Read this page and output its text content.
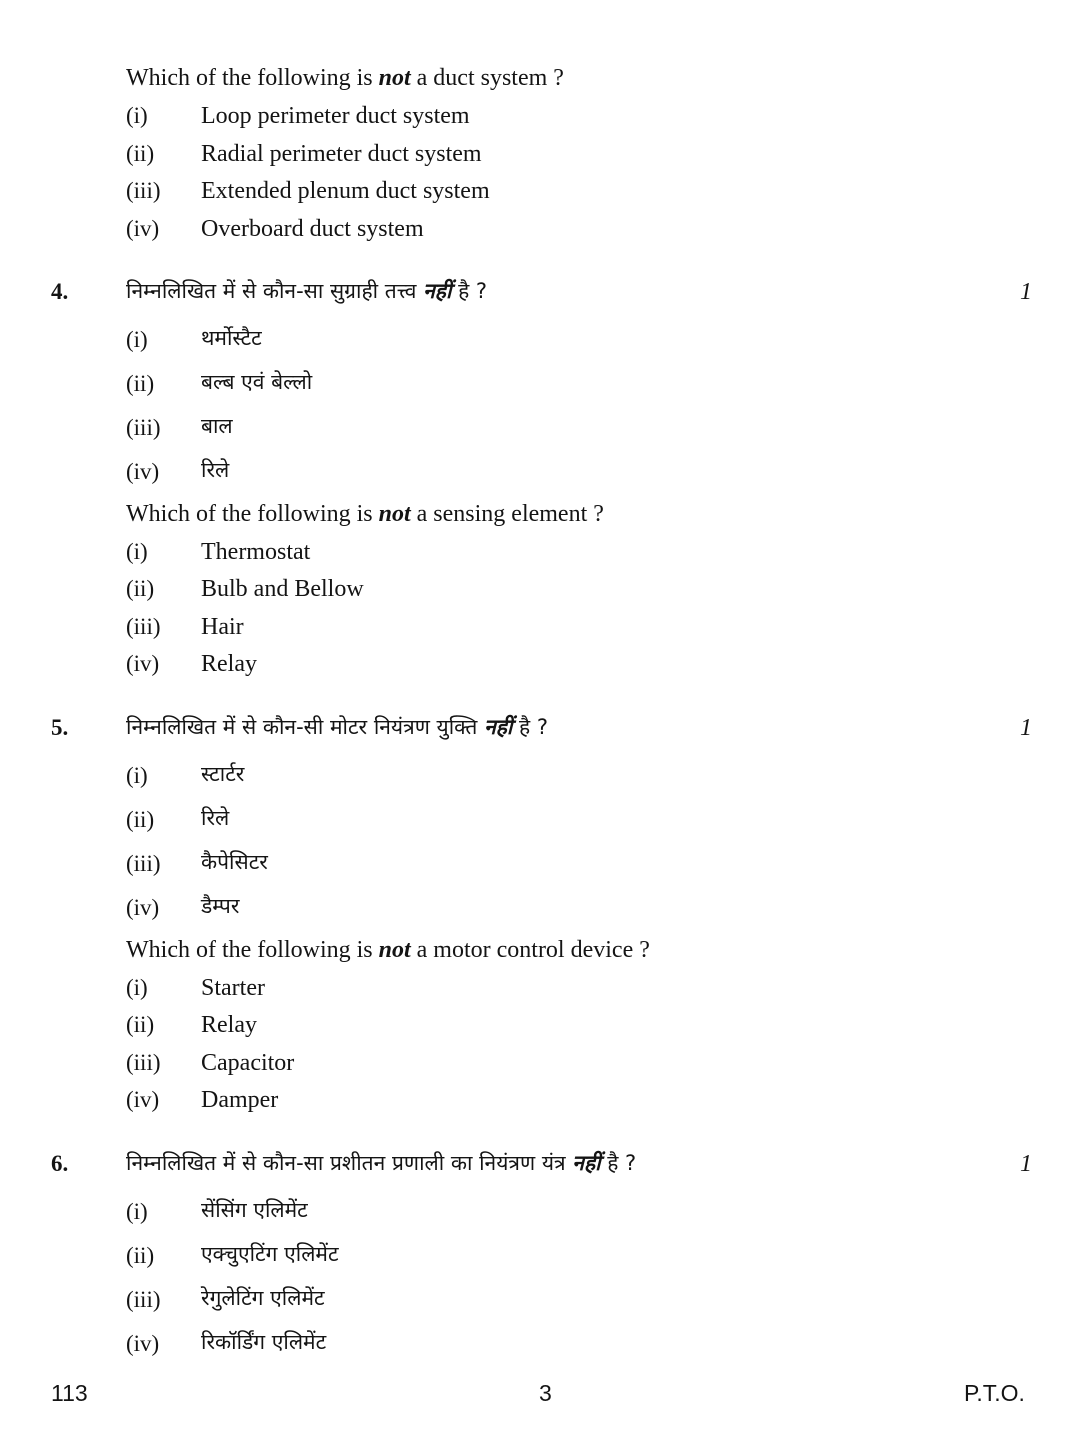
Which of the following is not a duct system ?
(i) Loop perimeter duct system
(ii) Radial perimeter duct system
(iii) Extended plenum duct system
(iv) Overboard duct system
4.	निम्नलिखित में से कौन-सा सुग्राही तत्त्व नहीं है ?	1
(i)	थर्मोस्टैट
(ii) बल्ब एवं बेल्लो
(iii) बाल
(iv) रिले
Which of the following is not a sensing element ?
(i) Thermostat
(ii) Bulb and Bellow
(iii) Hair
(iv) Relay
5.	निम्नलिखित में से कौन-सी मोटर नियंत्रण युक्ति नहीं है ?	1
(i)	स्टार्टर
(ii) रिले
(iii) कैपेसिटर
(iv) डैम्पर
Which of the following is not a motor control device ?
(i) Starter
(ii) Relay
(iii) Capacitor
(iv) Damper
6.	निम्नलिखित में से कौन-सा प्रशीतन प्रणाली का नियंत्रण यंत्र नहीं है ?	1
(i)	सेंसिंग एलिमेंट
(ii) एक्चुएटिंग एलिमेंट
(iii) रेगुलेटिंग एलिमेंट
(iv) रिकॉर्डिंग एलिमेंट
113	3	P.T.O.
